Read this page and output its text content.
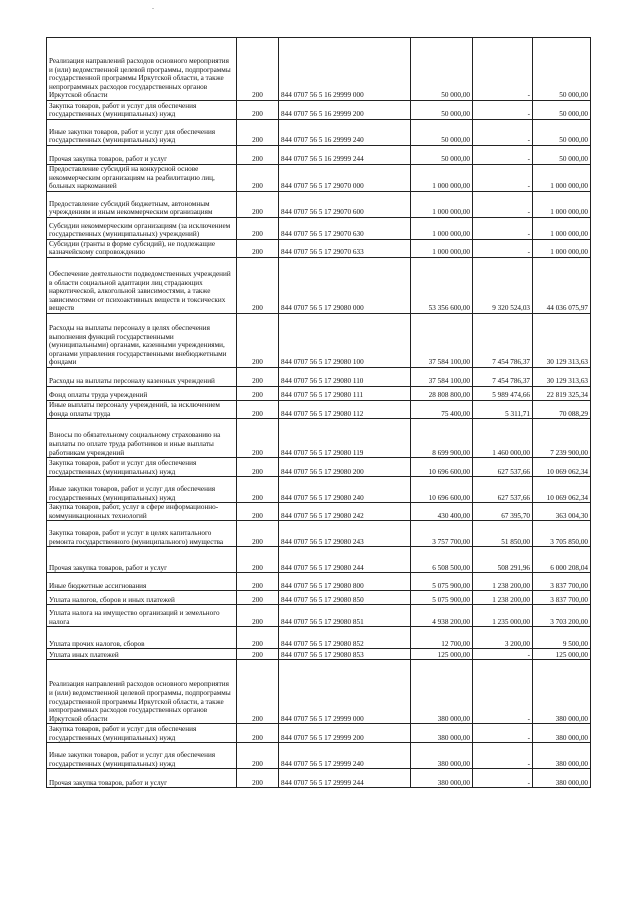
-
Реализация направлений расходов основного мероприятия и (или) ведомственной целевой программы, подпрограммы государственной программы Иркутской области, а также непрограммных расходов государственных органов Иркутской области	200	844 0707 56 5 16 29999 000	50 000,00	-	50 000,00
Закупка товаров, работ и услуг для обеспечения государственных (муниципальных) нужд	200	844 0707 56 5 16 29999 200	50 000,00	-	50 000,00
Иные закупки товаров, работ и услуг для обеспечения государственных (муниципальных) нужд	200	844 0707 56 5 16 29999 240	50 000,00	-	50 000,00
Прочая закупка товаров, работ и услуг	200	844 0707 56 5 16 29999 244	50 000,00	-	50 000,00
Предоставление субсидий на конкурсной основе некоммерческим организациям на реабилитацию лиц, больных наркоманией	200	844 0707 56 5 17 29070 000	1 000 000,00	-	1 000 000,00
Предоставление субсидий бюджетным, автономным учреждениям и иным некоммерческим организациям	200	844 0707 56 5 17 29070 600	1 000 000,00	-	1 000 000,00
Субсидии некоммерческим организациям (за исключением государственных (муниципальных) учреждений)	200	844 0707 56 5 17 29070 630	1 000 000,00	-	1 000 000,00
Субсидии (гранты в форме субсидий), не подлежащие казначейскому сопровождению	200	844 0707 56 5 17 29070 633	1 000 000,00	-	1 000 000,00
Обеспечение деятельности подведомственных учреждений в области социальной адаптации лиц страдающих наркотической, алкогольной зависимостями, а также зависимостями от психоактивных веществ и токсических веществ	200	844 0707 56 5 17 29080 000	53 356 600,00	9 320 524,03	44 036 075,97
Расходы на выплаты персоналу в целях обеспечения выполнения функций государственными (муниципальными) органами, казенными учреждениями, органами управления государственными внебюджетными фондами	200	844 0707 56 5 17 29080 100	37 584 100,00	7 454 786,37	30 129 313,63
Расходы на выплаты персоналу казенных учреждений	200	844 0707 56 5 17 29080 110	37 584 100,00	7 454 786,37	30 129 313,63
Фонд оплаты труда учреждений	200	844 0707 56 5 17 29080 111	28 808 800,00	5 989 474,66	22 819 325,34
Иные выплаты персоналу учреждений, за исключением фонда оплаты труда	200	844 0707 56 5 17 29080 112	75 400,00	5 311,71	70 088,29
Взносы по обязательному социальному страхованию на выплаты по оплате труда работников и иные выплаты работникам учреждений	200	844 0707 56 5 17 29080 119	8 699 900,00	1 460 000,00	7 239 900,00
Закупка товаров, работ и услуг для обеспечения государственных (муниципальных) нужд	200	844 0707 56 5 17 29080 200	10 696 600,00	627 537,66	10 069 062,34
Иные закупки товаров, работ и услуг для обеспечения государственных (муниципальных) нужд	200	844 0707 56 5 17 29080 240	10 696 600,00	627 537,66	10 069 062,34
Закупка товаров, работ, услуг в сфере информационно-коммуникационных технологий	200	844 0707 56 5 17 29080 242	430 400,00	67 395,70	363 004,30
Закупка товаров, работ и услуг в целях капитального ремонта государственного (муниципального) имущества	200	844 0707 56 5 17 29080 243	3 757 700,00	51 850,00	3 705 850,00
Прочая закупка товаров, работ и услуг	200	844 0707 56 5 17 29080 244	6 508 500,00	508 291,96	6 000 208,04
Иные бюджетные ассигнования	200	844 0707 56 5 17 29080 800	5 075 900,00	1 238 200,00	3 837 700,00
Уплата налогов, сборов и иных платежей	200	844 0707 56 5 17 29080 850	5 075 900,00	1 238 200,00	3 837 700,00
Уплата налога на имущество организаций и земельного налога	200	844 0707 56 5 17 29080 851	4 938 200,00	1 235 000,00	3 703 200,00
Уплата прочих налогов, сборов	200	844 0707 56 5 17 29080 852	12 700,00	3 200,00	9 500,00
Уплата иных платежей	200	844 0707 56 5 17 29080 853	125 000,00	-	125 000,00
Реализация направлений расходов основного мероприятия и (или) ведомственной целевой программы, подпрограммы государственной программы Иркутской области, а также непрограммных расходов государственных органов Иркутской области	200	844 0707 56 5 17 29999 000	380 000,00	-	380 000,00
Закупка товаров, работ и услуг для обеспечения государственных (муниципальных) нужд	200	844 0707 56 5 17 29999 200	380 000,00	-	380 000,00
Иные закупки товаров, работ и услуг для обеспечения государственных (муниципальных) нужд	200	844 0707 56 5 17 29999 240	380 000,00	-	380 000,00
Прочая закупка товаров, работ и услуг	200	844 0707 56 5 17 29999 244	380 000,00	-	380 000,00
